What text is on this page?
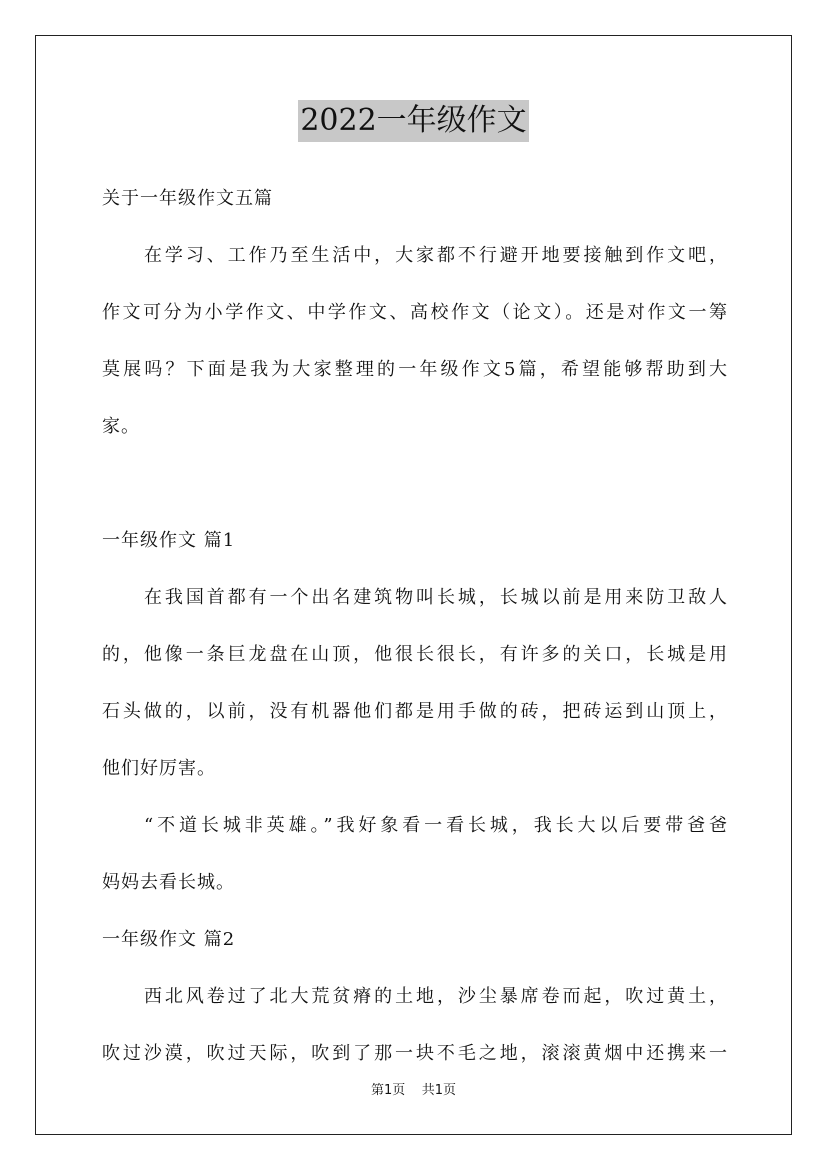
2022一年级作文
关于一年级作文五篇
在学习、工作乃至生活中，大家都不行避开地要接触到作文吧，
作文可分为小学作文、中学作文、高校作文（论文）。还是对作文一筹
莫展吗？下面是我为大家整理的一年级作文5篇，希望能够帮助到大
家。
一年级作文 篇1
在我国首都有一个出名建筑物叫长城，长城以前是用来防卫敌人
的，他像一条巨龙盘在山顶，他很长很长，有许多的关口，长城是用
石头做的，以前，没有机器他们都是用手做的砖，把砖运到山顶上，
他们好厉害。
“不道长城非英雄。”我好象看一看长城，我长大以后要带爸爸
妈妈去看长城。
一年级作文 篇2
西北风卷过了北大荒贫瘠的土地，沙尘暴席卷而起，吹过黄土，
吹过沙漠，吹过天际，吹到了那一块不毛之地，滚滚黄烟中还携来一
第1页 共1页
